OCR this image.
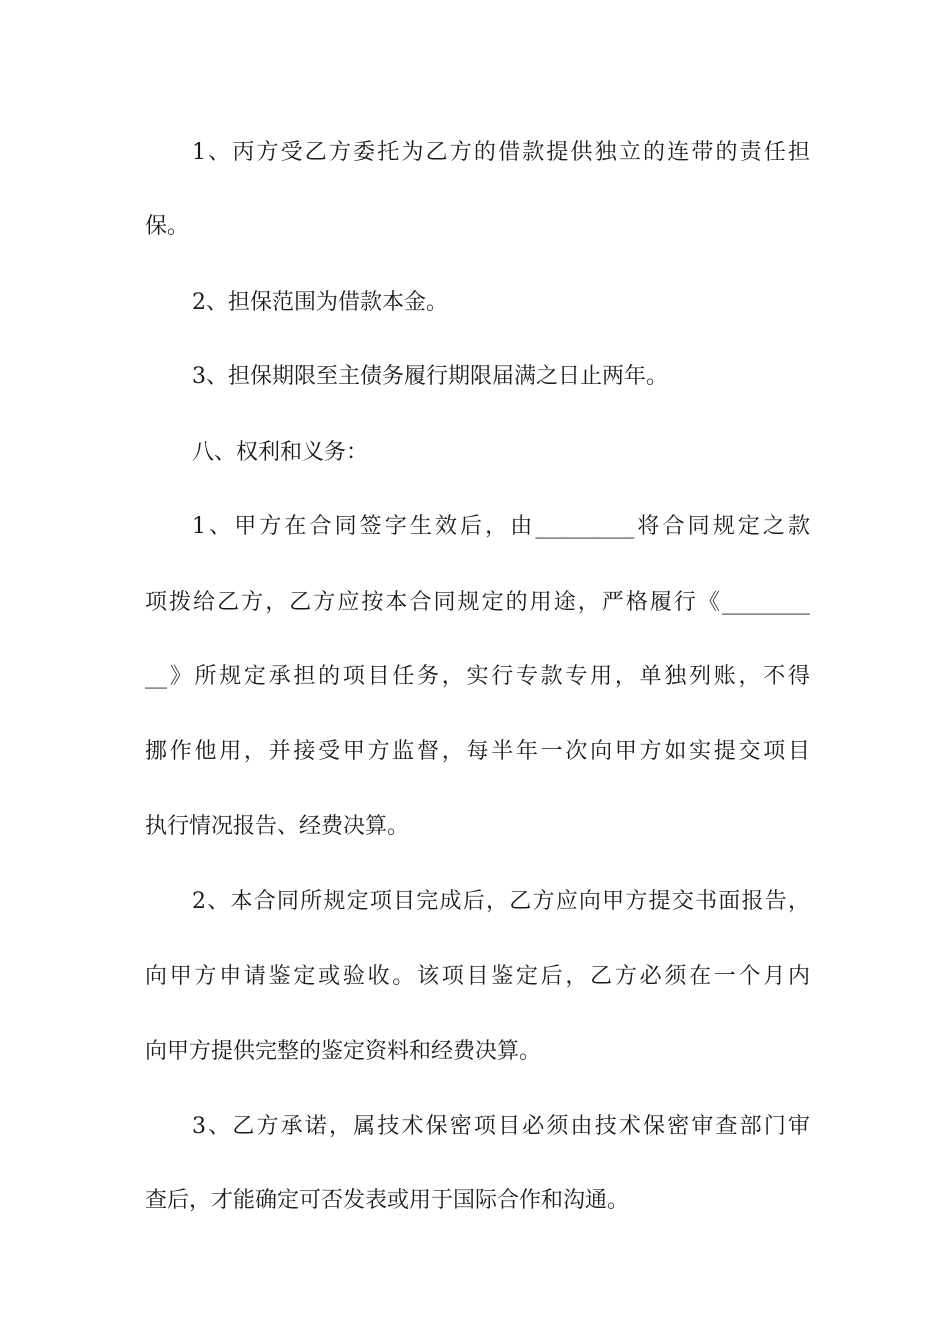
1、丙方受乙方委托为乙方的借款提供独立的连带的责任担
保。
2、担保范围为借款本金。
3、担保期限至主债务履行期限届满之日止两年。
八、权利和义务：
1、甲方在合同签字生效后，由_________将合同规定之款
项拨给乙方，乙方应按本合同规定的用途，严格履行《________
__》所规定承担的项目任务，实行专款专用，单独列账，不得
挪作他用，并接受甲方监督，每半年一次向甲方如实提交项目
执行情况报告、经费决算。
2、本合同所规定项目完成后，乙方应向甲方提交书面报告，
向甲方申请鉴定或验收。该项目鉴定后，乙方必须在一个月内
向甲方提供完整的鉴定资料和经费决算。
3、乙方承诺，属技术保密项目必须由技术保密审查部门审
查后，才能确定可否发表或用于国际合作和沟通。
